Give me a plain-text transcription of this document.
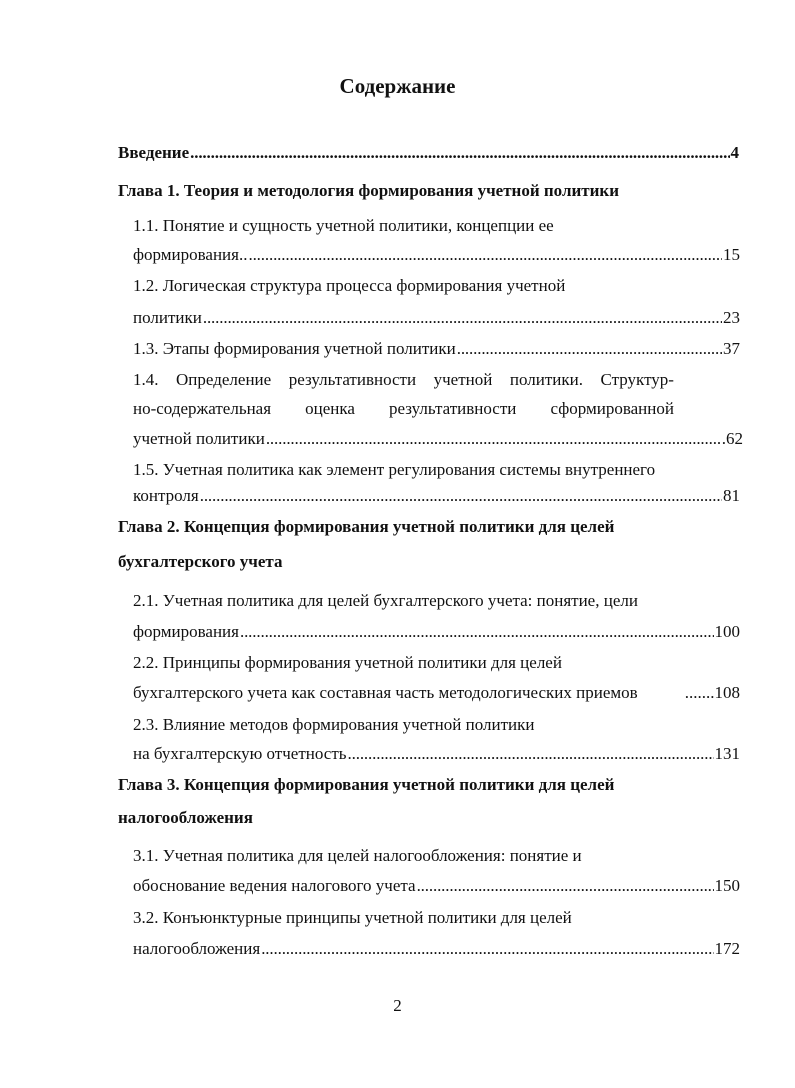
Содержание
Введение . . .	4
Глава 1. Теория и методология формирования учетной политики
1.1. Понятие и сущность учетной политики, концепции ее
формирования.. . . .	15
1.2. Логическая структура процесса формирования учетной
политики . . .	23
1.3. Этапы формирования учетной политики . . .	37
1.4. Определение результативности учетной политики. Структур-
но-содержательная оценка результативности сформированной
учетной политики . . .	.62
1.5. Учетная политика как элемент регулирования системы внутреннего
контроля . . .	81
Глава 2. Концепция формирования учетной политики для целей
бухгалтерского учета
2.1. Учетная политика для целей бухгалтерского учета: понятие, цели
формирования . . .	100
2.2. Принципы формирования учетной политики для целей
бухгалтерского учета как составная часть методологических приемов	.......108
2.3. Влияние методов формирования учетной политики
на бухгалтерскую отчетность . . .	131
Глава 3. Концепция формирования учетной политики для целей
налогообложения
3.1. Учетная политика для целей налогообложения: понятие и
обоснование ведения налогового учета . . .	150
3.2. Конъюнктурные принципы учетной политики для целей
налогообложения . . .	172
2
